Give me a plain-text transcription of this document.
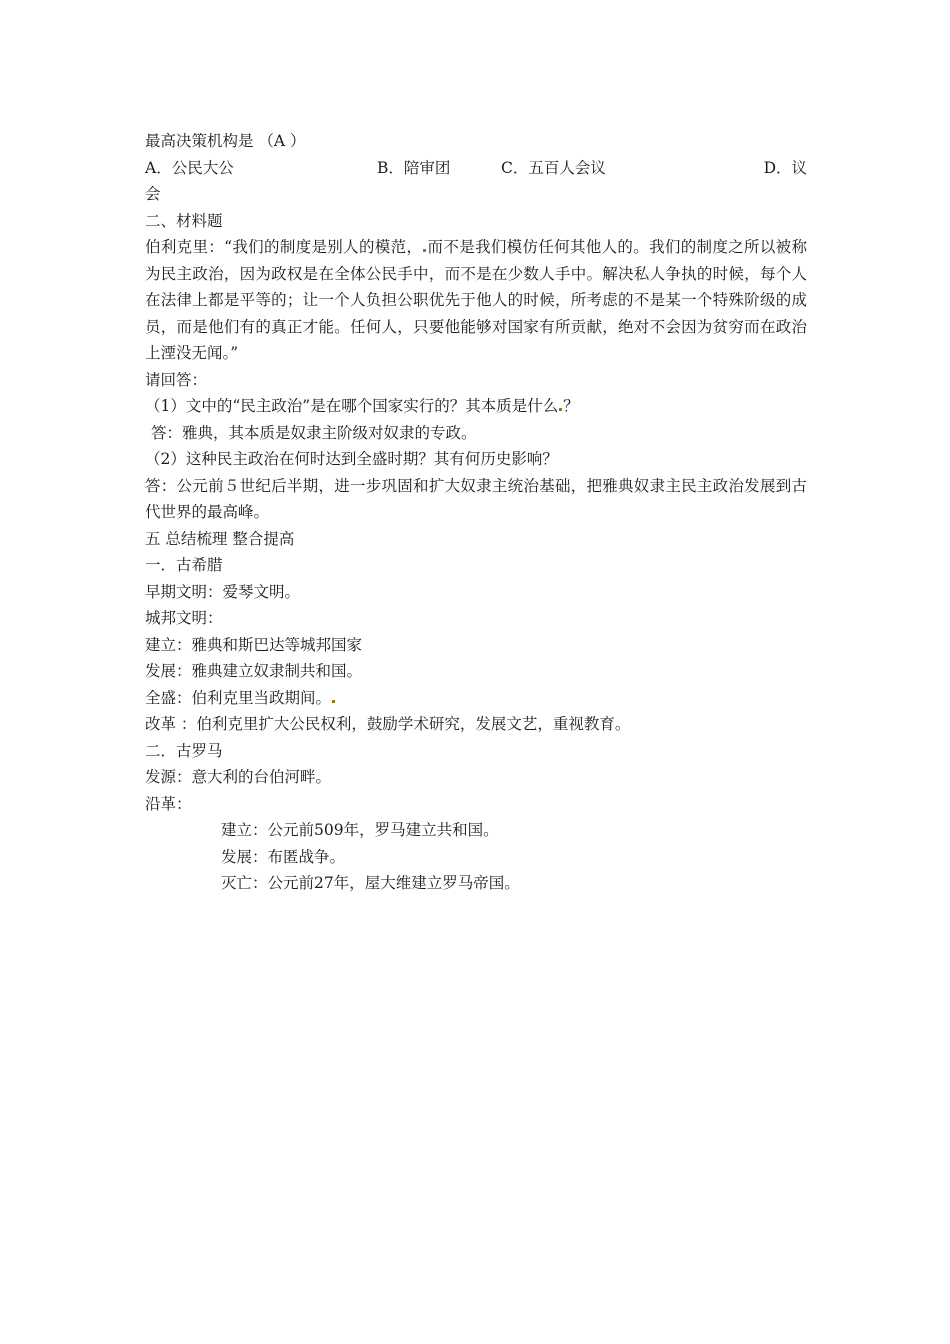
最高决策机构是 （A ）
A．公民大公	B．陪审团	C．五百人会议	D．议
会
二、材料题
伯利克里：“我们的制度是别人的模范， 而不是我们模仿任何其他人的。我们的制度之所以被称为民主政治，因为政权是在全体公民手中，而不是在少数人手中。解决私人争执的时候，每个人在法律上都是平等的；让一个人负担公职优先于他人的时候，所考虑的不是某一个特殊阶级的成员，而是他们有的真正才能。任何人，只要他能够对国家有所贡献，绝对不会因为贫穷而在政治上湮没无闻。”
请回答：
（1）文中的“民主政治”是在哪个国家实行的？其本质是什么 ？
答：雅典，其本质是奴隶主阶级对奴隶的专政。
（2）这种民主政治在何时达到全盛时期？其有何历史影响？
答：公元前５世纪后半期，进一步巩固和扩大奴隶主统治基础，把雅典奴隶主民主政治发展到古代世界的最高峰。
五 总结梳理 整合提高
一．古希腊
早期文明：爱琴文明。
城邦文明：
建立：雅典和斯巴达等城邦国家
发展：雅典建立奴隶制共和国。
全盛：伯利克里当政期间。
改革 ：伯利克里扩大公民权利，鼓励学术研究，发展文艺，重视教育。
二．古罗马
发源：意大利的台伯河畔。
沿革：
建立：公元前509年，罗马建立共和国。
发展：布匿战争。
灭亡：公元前27年，屋大维建立罗马帝国。
